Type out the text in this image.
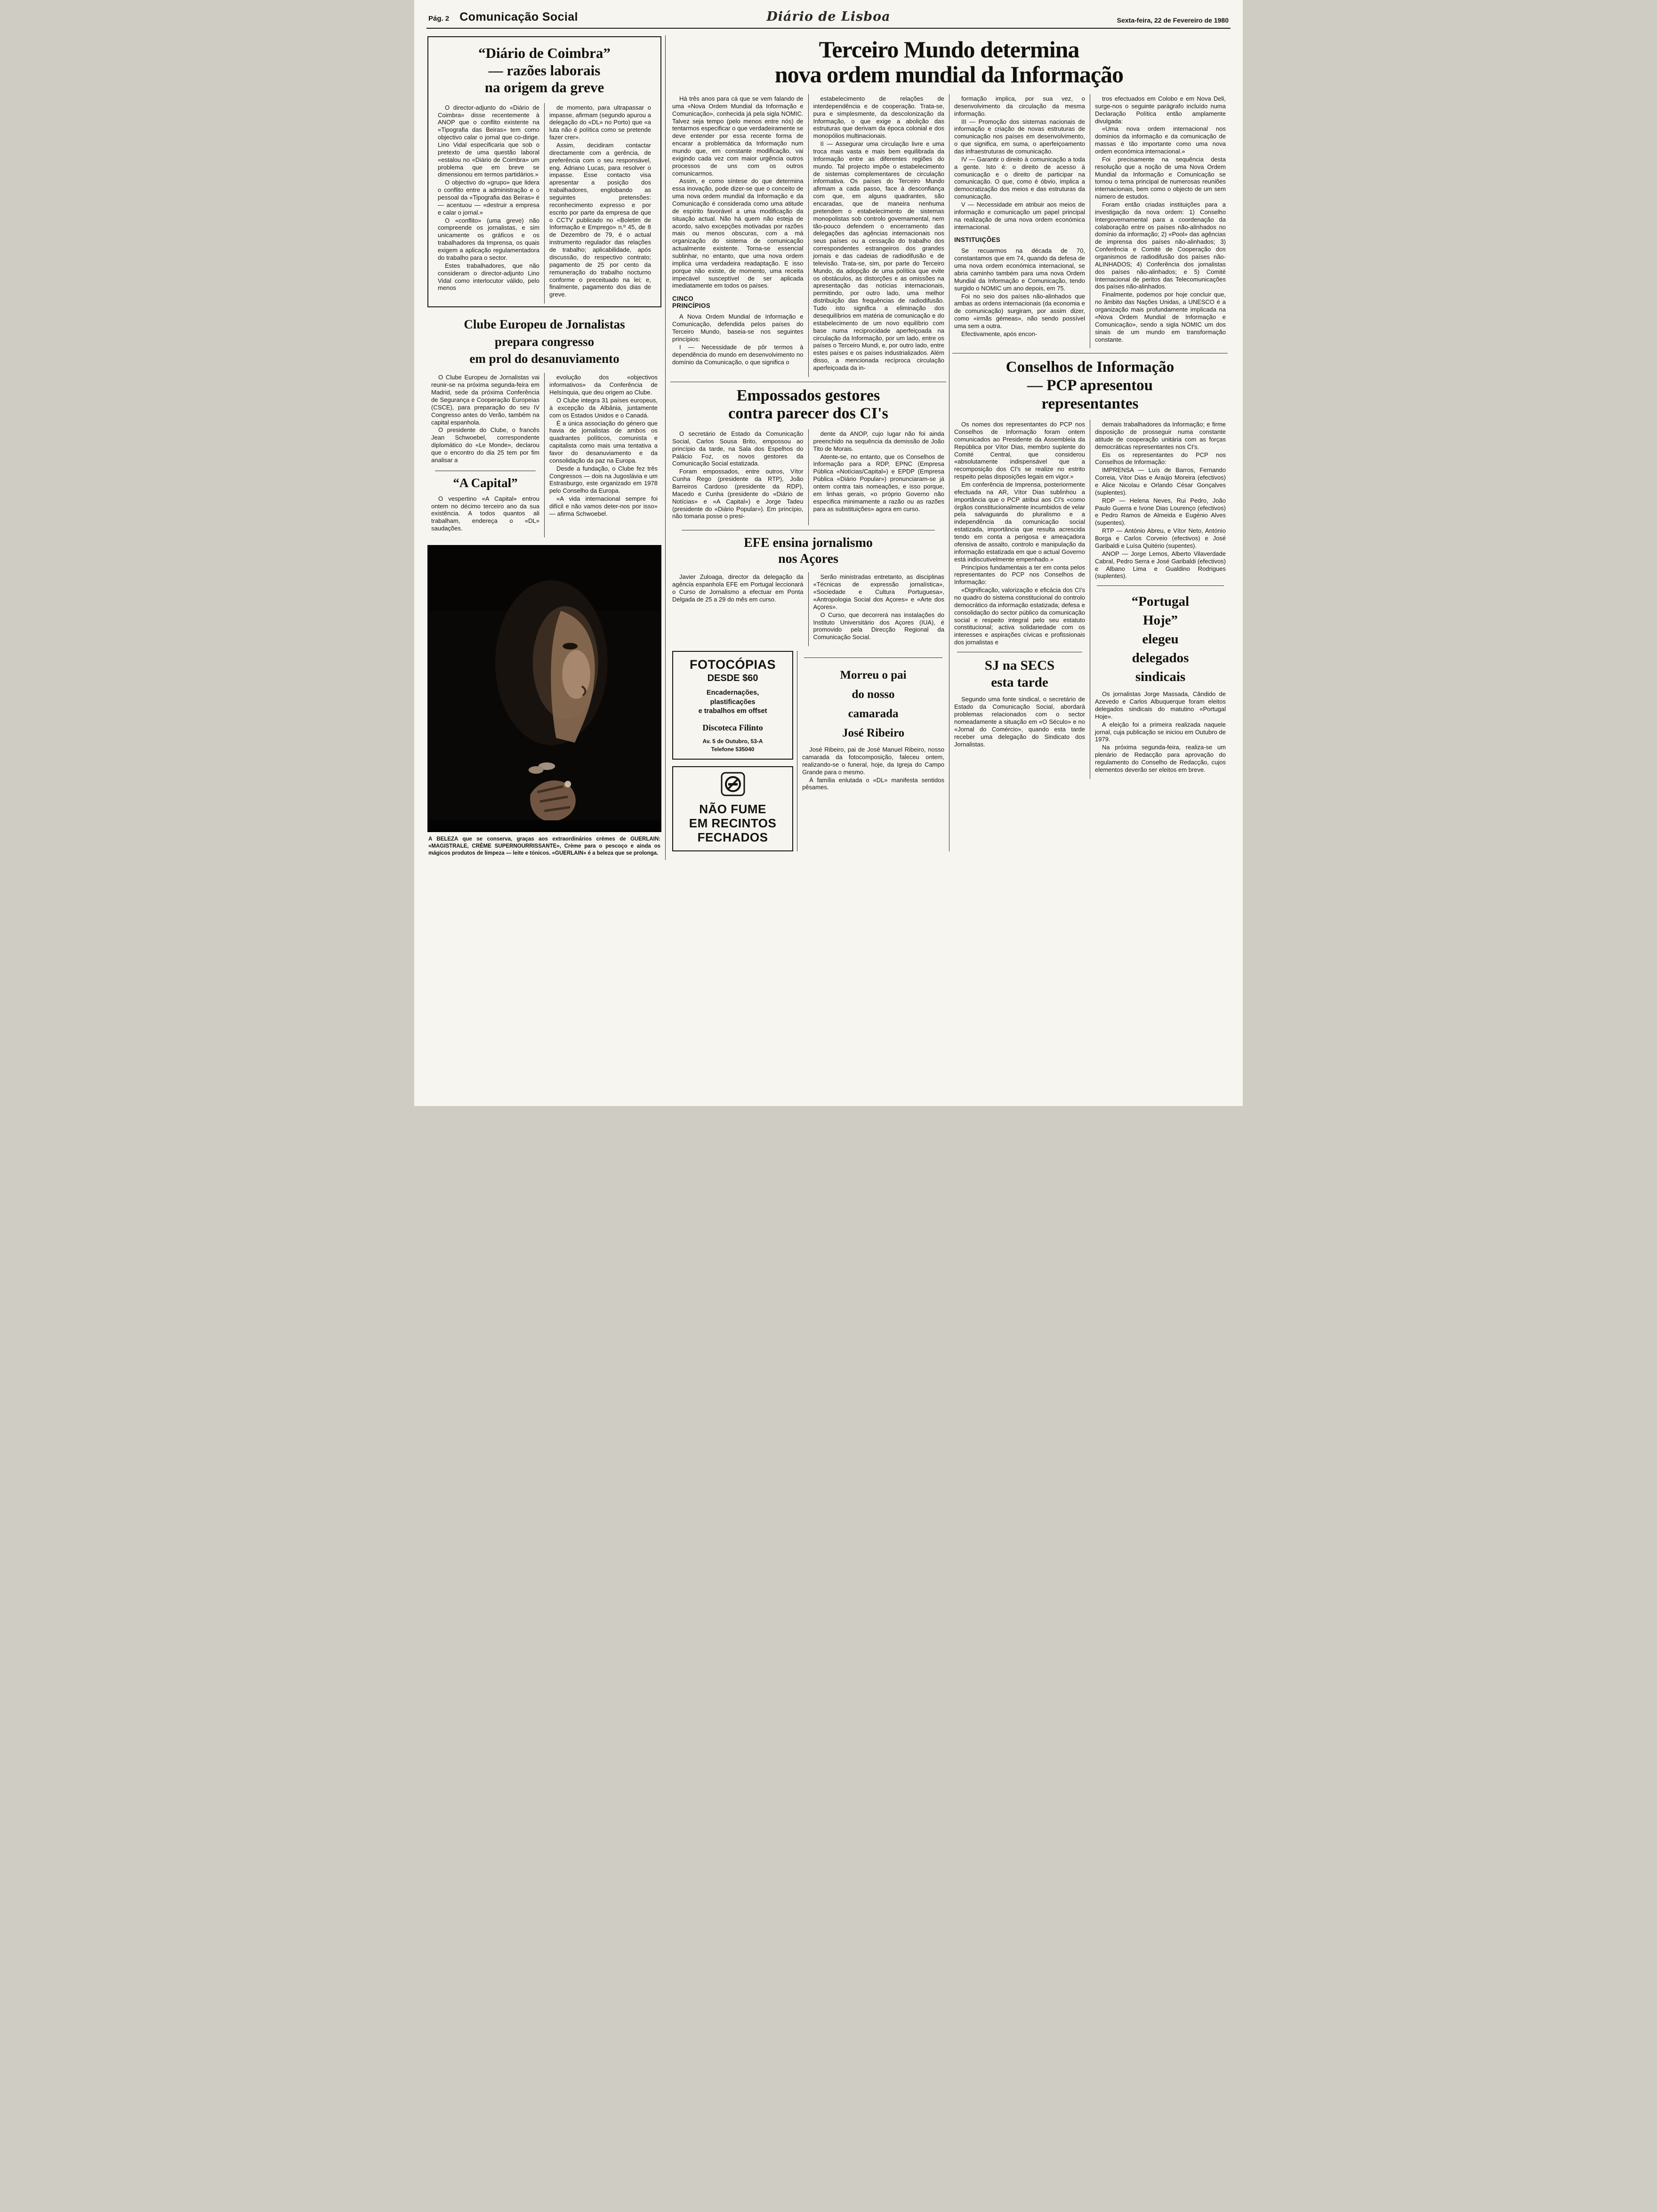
Pág. 2 Comunicação Social	Diário de Lisboa	Sexta-feira, 22 de Fevereiro de 1980
“Diário de Coimbra”
— razões laborais
na origem da greve

O director-adjunto do «Diário de Coimbra» disse recentemente à ANOP que o conflito existente na «Tipografia das Beiras» tem como objectivo calar o jornal que co-dirige. Lino Vidal especificaria que sob o pretexto de uma questão laboral «estalou no «Diário de Coimbra» um problema que em breve se dimensionou em termos partidários.»

O objectivo do «grupo» que lidera o conflito entre a administração e o pessoal da «Tipografia das Beiras» é — acentuou — «destruir a empresa e calar o jornal.»

O «conflito» (uma greve) não compreende os jornalistas, e sim unicamente os gráficos e os trabalhadores da Imprensa, os quais exigem a aplicação regulamentadora do trabalho para o sector.

Estes trabalhadores, que não consideram o director-adjunto Lino Vidal como interlocutor válido, pelo menos

de momento, para ultrapassar o impasse, afirmam (segundo apurou a delegação do «DL» no Porto) que «a luta não é política como se pretende fazer crer».

Assim, decidiram contactar directamente com a gerência, de preferência com o seu responsável, eng. Adriano Lucas, para resolver o impasse. Esse contacto visa apresentar a posição dos trabalhadores, englobando as seguintes pretensões: reconhecimento expresso e por escrito por parte da empresa de que o CCTV publicado no «Boletim de Informação e Emprego» n.º 45, de 8 de Dezembro de 79, é o actual instrumento regulador das relações de trabalho; aplicabilidade, após discussão, do respectivo contrato; pagamento de 25 por cento da remuneração do trabalho nocturno conforme o preceituado na lei; e, finalmente, pagamento dos dias de greve.

Clube Europeu de Jornalistas
prepara congresso
em prol do desanuviamento

O Clube Europeu de Jornalistas vai reunir-se na próxima segunda-feira em Madrid, sede da próxima Conferência de Segurança e Cooperação Europeias (CSCE), para preparação do seu IV Congresso antes do Verão, também na capital espanhola.

O presidente do Clube, o francês Jean Schwoebel, correspondente diplomático do «Le Monde», declarou que o encontro do dia 25 tem por fim analisar a

“A Capital”

O vespertino «A Capital» entrou ontem no décimo terceiro ano da sua existência. A todos quantos ali trabalham, endereça o «DL» saudações.

evolução dos «objectivos informativos» da Conferência de Helsínquia, que deu origem ao Clube.

O Clube integra 31 países europeus, à excepção da Albânia, juntamente com os Estados Unidos e o Canadá.

É a única associação do género que havia de jornalistas de ambos os quadrantes políticos, comunista e capitalista como mais uma tentativa a favor do desanuviamento e da consolidação da paz na Europa.

Desde a fundação, o Clube fez três Congressos — dois na Jugoslávia e um Estrasburgo, este organizado em 1978 pelo Conselho da Europa.

«A vida internacional sempre foi difícil e não vamos deter-nos por isso» — afirma Schwoebel.

A BELEZA que se conserva, graças aos extraordinários crémes de GUERLAIN: «MAGISTRALE, CRÈME SUPERNOURRISSANTE», Crème para o pescoço e ainda os mágicos produtos de limpeza — leite e tónicos. «GUERLAIN» é a beleza que se prolonga.
Terceiro Mundo determina
nova ordem mundial da Informação

Há três anos para cá que se vem falando de uma «Nova Ordem Mundial da Informação e Comunicação», conhecida já pela sigla NOMIC. Talvez seja tempo (pelo menos entre nós) de tentarmos especificar o que verdadeiramente se deve entender por essa recente forma de encarar a problemática da Informação num mundo que, em constante modificação, vai exigindo cada vez com maior urgência outros processos de uns com os outros comunicarmos.

Assim, e como síntese do que determina essa inovação, pode dizer-se que o conceito de uma nova ordem mundial da Informação e da Comunicação é considerada como uma atitude de espírito favorável a uma modificação da situação actual. Não há quem não esteja de acordo, salvo excepções motivadas por razões mais ou menos obscuras, com a má organização do sistema de comunicação actualmente existente. Torna-se essencial sublinhar, no entanto, que uma nova ordem implica uma verdadeira readaptação. E isso porque não existe, de momento, uma receita impecável susceptível de ser aplicada imediatamente em todos os países.

CINCO
PRINCÍPIOS

A Nova Ordem Mundial de Informação e Comunicação, defendida pelos países do Terceiro Mundo, baseia-se nos seguintes princípios:

I — Necessidade de pôr termos à dependência do mundo em desenvolvimento no domínio da Comunicação, o que significa o

estabelecimento de relações de interdependência e de cooperação. Trata-se, pura e simplesmente, da descolonização da Informação, o que exige a abolição das estruturas que derivam da época colonial e dos monopólios multinacionais.

II — Assegurar uma circulação livre e uma troca mais vasta e mais bem equilibrada da Informação entre as diferentes regiões do mundo. Tal projecto impõe o estabelecimento de sistemas complementares de circulação informativa. Os países do Terceiro Mundo afirmam a cada passo, face à desconfiança com que, em alguns quadrantes, são encaradas, que de maneira nenhuma pretendem o estabelecimento de sistemas monopolistas sob controlo governamental, nem tão-pouco defendem o encerramento das delegações das agências internacionais nos seus países ou a cessação do trabalho dos correspondentes estrangeiros dos grandes jornais e das cadeias de radiodifusão e de televisão. Trata-se, sim, por parte do Terceiro Mundo, da adopção de uma política que evite os obstáculos, as distorções e as omissões na apresentação das notícias internacionais, permitindo, por outro lado, uma melhor distribuição das frequências de radiodifusão. Tudo isto significa a eliminação dos desequilíbrios em matéria de comunicação e do estabelecimento de um novo equilíbrio com base numa reciprocidade aperfeiçoada na circulação da Informação, por um lado, entre os países o Terceiro Mundi, e, por outro lado, entre estes países e os países industrializados. Além disso, a mencionada recíproca circulação aperfeiçoada da in-

Empossados gestores
contra parecer dos CI's

O secretário de Estado da Comunicação Social, Carlos Sousa Brito, empossou ao princípio da tarde, na Sala dos Espelhos do Palácio Foz, os novos gestores da Comunicação Social estatizada.

Foram empossados, entre outros, Vítor Cunha Rego (presidente da RTP), João Barreiros Cardoso (presidente da RDP), Macedo e Cunha (presidente do «Diário de Notícias» e «A Capital») e Jorge Tadeu (presidente do «Diário Popular»). Em princípio, não tomaria posse o presi-

dente da ANOP, cujo lugar não foi ainda preenchido na sequência da demissão de João Tito de Morais.

Atente-se, no entanto, que os Conselhos de Informação para a RDP, EPNC (Empresa Pública «Notícias/Capital») e EPDP (Empresa Pública «Diário Popular») pronunciaram-se já ontem contra tais nomeações, e isso porque, em linhas gerais, «o próprio Governo não especifica minimamente a razão ou as razões para as substituições» agora em curso.

EFE ensina jornalismo
nos Açores

Javier Zuloaga, director da delegação da agência espanhola EFE em Portugal leccionará o Curso de Jornalismo a efectuar em Ponta Delgada de 25 a 29 do mês em curso.

Serão ministradas entretanto, as disciplinas «Técnicas de expressão jornalística», «Sociedade e Cultura Portuguesa», «Antropologia Social dos Açores» e «Arte dos Açores».

O Curso, que decorrerá nas instalações do Instituto Universitário dos Açores (IUA), é promovido pela Direcção Regional da Comunicação Social.

FOTOCÓPIAS
DESDE $60
Encadernações,
plastificações
e trabalhos em offset
Discoteca Filinto
Av. 5 de Outubro, 53-A
Telefone 535040
NÃO FUME
EM RECINTOS
FECHADOS
Morreu o pai
do nosso
camarada
José Ribeiro

José Ribeiro, pai de José Manuel Ribeiro, nosso camarada da fotocomposição, faleceu ontem, realizando-se o funeral, hoje, da Igreja do Campo Grande para o mesmo.

À família enlutada o «DL» manifesta sentidos pêsames.

formação implica, por sua vez, o desenvolvimento da circulação da mesma informação.

III — Promoção dos sistemas nacionais de informação e criação de novas estruturas de comunicação nos países em desenvolvimento, o que significa, em suma, o aperfeiçoamento das infraestruturas de comunicação.

IV — Garantir o direito à comunicação a toda a gente. Isto é: o direito de acesso à comunicação e o direito de participar na comunicação. O que, como é óbvio, implica a democratização dos meios e das estruturas da comunicação.

V — Necessidade em atribuir aos meios de informação e comunicação um papel principal na realização de uma nova ordem económica internacional.

INSTITUIÇÕES

Se recuarmos na década de 70, constantamos que em 74, quando da defesa de uma nova ordem económica internacional, se abria caminho também para uma nova Ordem Mundial da Informação e Comunicação, tendo surgido o NOMIC um ano depois, em 75.

Foi no seio dos países não-alinhados que ambas as ordens internacionais (da economia e de comunicação) surgiram, por assim dizer, como «irmãs gémeas», não sendo possível uma sem a outra.

Efectivamente, após encon-

tros efectuados em Colobo e em Nova Deli, surge-nos o seguinte parágrafo incluído numa Declaração Política então amplamente divulgada:

«Uma nova ordem internacional nos domínios da informação e da comunicação de massas é tão importante como uma nova ordem económica internacional.»

Foi precisamente na sequência desta resolução que a noção de uma Nova Ordem Mundial da Informação e Comunicação se tornou o tema principal de numerosas reuniões internacionais, bem como o objecto de um sem número de estudos.

Foram então criadas instituições para a investigação da nova ordem: 1) Conselho Intergovernamental para a coordenação da colaboração entre os países não-alinhados no domínio da informação; 2) «Pool» das agências de imprensa dos países não-alinhados; 3) Conferência e Comité de Cooperação dos organismos de radiodifusão dos países não-ALINHADOS; 4) Conferência dos jornalistas dos países não-alinhados; e 5) Comité Internacional de peritos das Telecomunicações dos países não-alinhados.

Finalmente, podemos por hoje concluir que, no âmbito das Nações Unidas, a UNESCO é a organização mais profundamente implicada na «Nova Ordem Mundial de Informação e Comunicação», sendo a sigla NOMIC um dos sinais de um mundo em transformação constante.

Conselhos de Informação
— PCP apresentou
representantes

Os nomes dos representantes do PCP nos Conselhos de Informação foram ontem comunicados ao Presidente da Assembleia da República por Vítor Dias, membro suplente do Comité Central, que considerou «absolutamente indispensável que a recomposição dos CI's se realize no estrito respeito pelas disposições legais em vigor.»

Em conferência de Imprensa, posteriormente efectuada na AR, Vítor Dias sublinhou a importância que o PCP atribui aos CI's «como órgãos constitucionalmente incumbidos de velar pela salvaguarda do pluralismo e a independência da comunicação social estatizada, importância que resulta acrescida tendo em conta a perigosa e ameaçadora ofensiva de assalto, controlo e manipulação da informação estatizada em que o actual Governo está indiscutivelmente empenhado.»

Princípios fundamentais a ter em conta pelos representantes do PCP nos Conselhos de Informação:

«Dignificação, valorização e eficácia dos CI's no quadro do sistema constitucional do controlo democrático da informação estatizada; defesa e consolidação do sector público da comunicação social e respeito integral pelo seu estatuto constitucional; activa solidariedade com os interesses e aspirações cívicas e profissionais dos jornalistas e

SJ na SECS
esta tarde

Segundo uma fonte sindical, o secretário de Estado da Comunicação Social, abordará problemas relacionados com o sector nomeadamente a situação em «O Século» e no «Jornal do Comércio», quando esta tarde receber uma delegação do Sindicato dos Jornalistas.

demais trabalhadores da Informação; e firme disposição de prosseguir numa constante atitude de cooperação unitária com as forças democráticas representantes nos CI's.

Eis os representantes do PCP nos Conselhos de Informação:

IMPRENSA — Luís de Barros, Fernando Correia, Vítor Dias e Araújo Moreira (efectivos) e Alice Nicolau e Orlando César Gonçalves (suplentes).

RDP — Helena Neves, Rui Pedro, João Paulo Guerra e Ivone Dias Lourenço (efectivos) e Pedro Ramos de Almeida e Eugénio Alves (supentes).

RTP — António Abreu, e Vítor Neto, António Borga e Carlos Corveio (efectivos) e José Garibaldi e Luísa Quitério (supentes).

ANOP — Jorge Lemos, Alberto Vilaverdade Cabral, Pedro Serra e José Garibaldi (efectivos) e Albano Lima e Gualdino Rodrigues (suplentes).

“Portugal
Hoje”
elegeu
delegados
sindicais

Os jornalistas Jorge Massada, Cândido de Azevedo e Carlos Albuquerque foram eleitos delegados sindicais do matutino «Portugal Hoje».

A eleição foi a primeira realizada naquele jornal, cuja publicação se iniciou em Outubro de 1979.

Na próxima segunda-feira, realiza-se um plenário de Redacção para aprovação do regulamento do Conselho de Redacção, cujos elementos deverão ser eleitos em breve.
